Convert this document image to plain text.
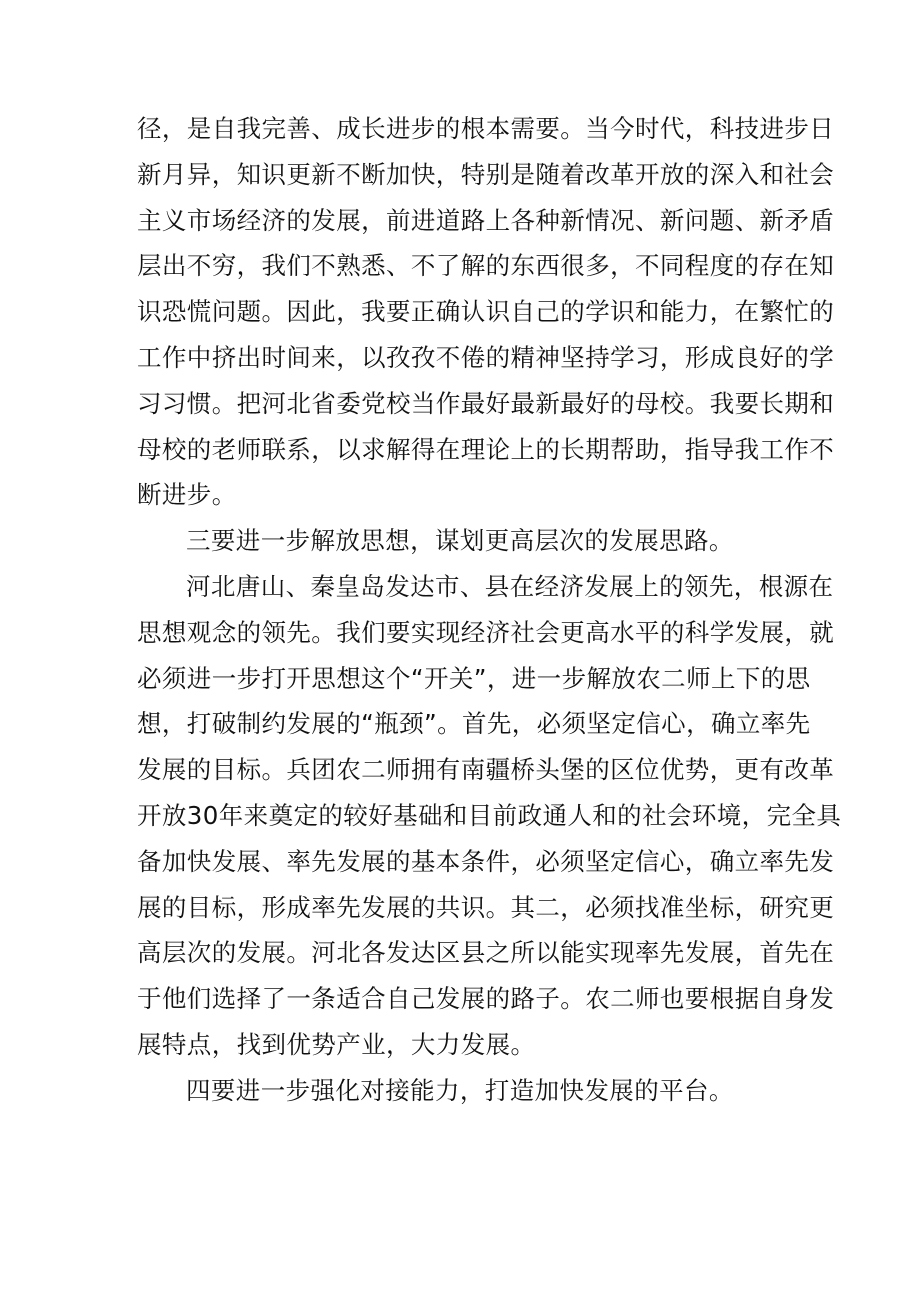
径，是自我完善、成长进步的根本需要。当今时代，科技进步日
新月异，知识更新不断加快，特别是随着改革开放的深入和社会
主义市场经济的发展，前进道路上各种新情况、新问题、新矛盾
层出不穷，我们不熟悉、不了解的东西很多，不同程度的存在知
识恐慌问题。因此，我要正确认识自己的学识和能力，在繁忙的
工作中挤出时间来，以孜孜不倦的精神坚持学习，形成良好的学
习习惯。把河北省委党校当作最好最新最好的母校。我要长期和
母校的老师联系，以求解得在理论上的长期帮助，指导我工作不
断进步。
三要进一步解放思想，谋划更高层次的发展思路。
河北唐山、秦皇岛发达市、县在经济发展上的领先，根源在
思想观念的领先。我们要实现经济社会更高水平的科学发展，就
必须进一步打开思想这个“开关”，进一步解放农二师上下的思
想，打破制约发展的“瓶颈”。首先，必须坚定信心，确立率先
发展的目标。兵团农二师拥有南疆桥头堡的区位优势，更有改革
开放30年来奠定的较好基础和目前政通人和的社会环境，完全具
备加快发展、率先发展的基本条件，必须坚定信心，确立率先发
展的目标，形成率先发展的共识。其二，必须找准坐标，研究更
高层次的发展。河北各发达区县之所以能实现率先发展，首先在
于他们选择了一条适合自己发展的路子。农二师也要根据自身发
展特点，找到优势产业，大力发展。
四要进一步强化对接能力，打造加快发展的平台。
